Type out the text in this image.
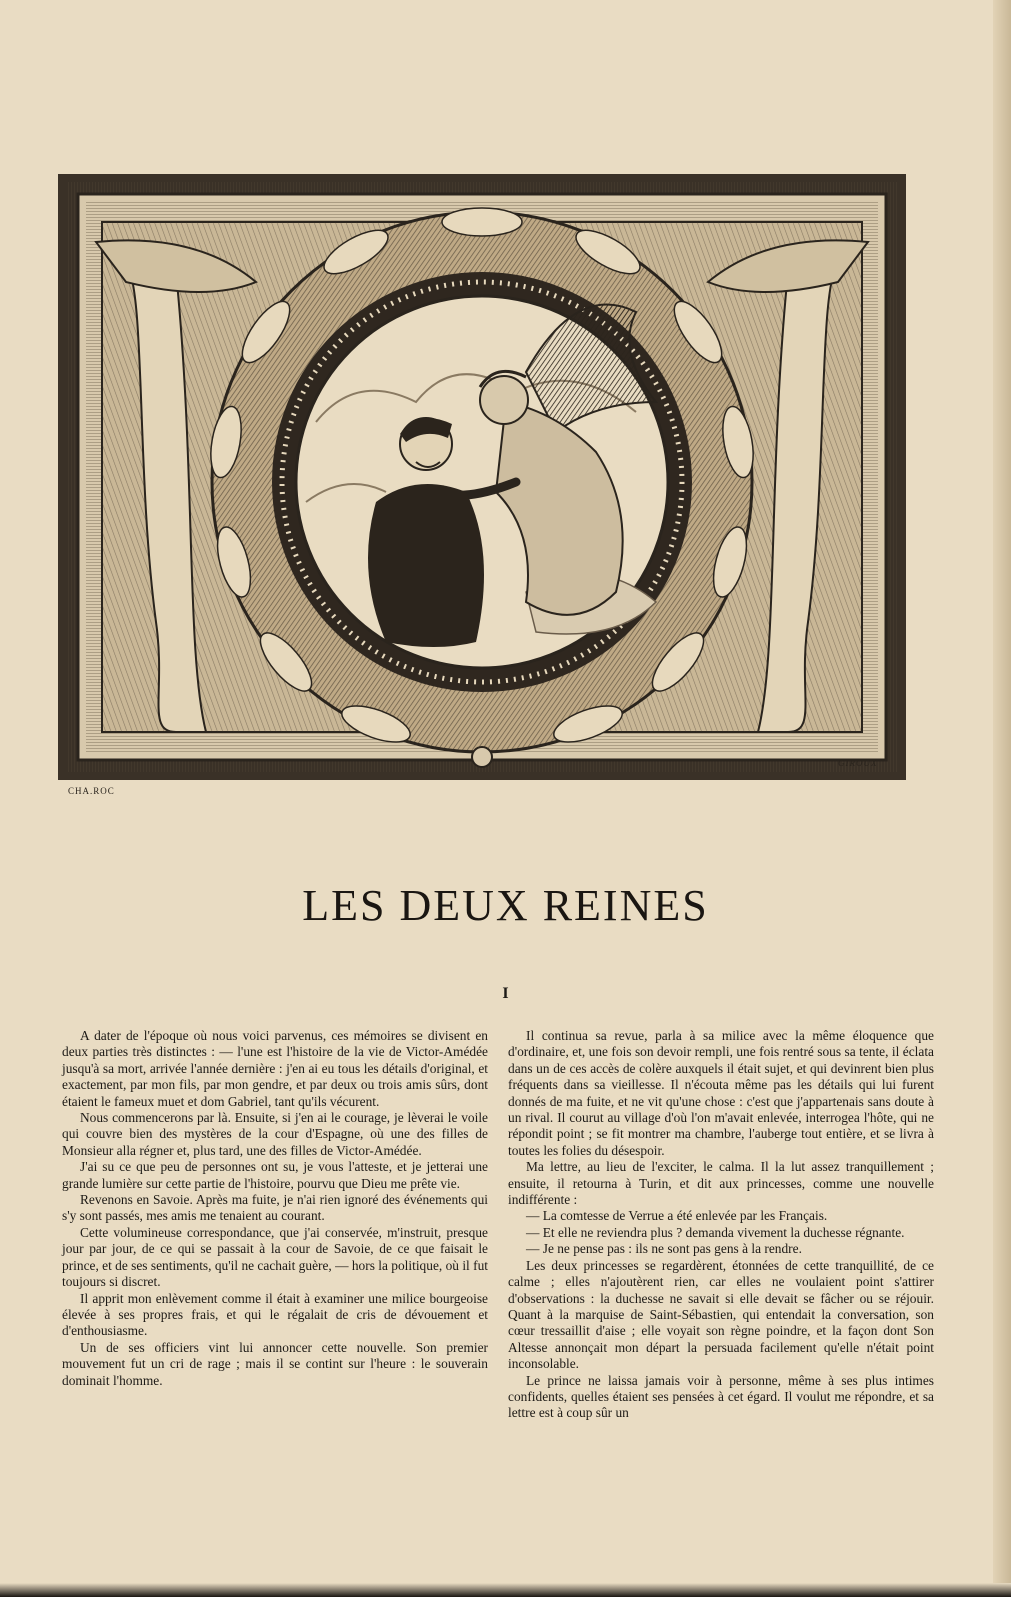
CHA.ROC
GIROUX
LES DEUX REINES
I

A dater de l'époque où nous voici parvenus, ces mémoires se divisent en deux parties très distinctes : — l'une est l'histoire de la vie de Victor-Amédée jusqu'à sa mort, arrivée l'année dernière : j'en ai eu tous les détails d'original, et exactement, par mon fils, par mon gendre, et par deux ou trois amis sûrs, dont étaient le fameux muet et dom Gabriel, tant qu'ils vécurent.

Nous commencerons par là. Ensuite, si j'en ai le courage, je lèverai le voile qui couvre bien des mystères de la cour d'Espagne, où une des filles de Monsieur alla régner et, plus tard, une des filles de Victor-Amédée.

J'ai su ce que peu de personnes ont su, je vous l'atteste, et je jetterai une grande lumière sur cette partie de l'histoire, pourvu que Dieu me prête vie.

Revenons en Savoie. Après ma fuite, je n'ai rien ignoré des événements qui s'y sont passés, mes amis me tenaient au courant.

Cette volumineuse correspondance, que j'ai conservée, m'instruit, presque jour par jour, de ce qui se passait à la cour de Savoie, de ce que faisait le prince, et de ses sentiments, qu'il ne cachait guère, — hors la politique, où il fut toujours si discret.

Il apprit mon enlèvement comme il était à examiner une milice bourgeoise élevée à ses propres frais, et qui le régalait de cris de dévouement et d'enthousiasme.

Un de ses officiers vint lui annoncer cette nouvelle. Son premier mouvement fut un cri de rage ; mais il se contint sur l'heure : le souverain dominait l'homme.

Il continua sa revue, parla à sa milice avec la même éloquence que d'ordinaire, et, une fois son devoir rempli, une fois rentré sous sa tente, il éclata dans un de ces accès de colère auxquels il était sujet, et qui devinrent bien plus fréquents dans sa vieillesse. Il n'écouta même pas les détails qui lui furent donnés de ma fuite, et ne vit qu'une chose : c'est que j'appartenais sans doute à un rival. Il courut au village d'où l'on m'avait enlevée, interrogea l'hôte, qui ne répondit point ; se fit montrer ma chambre, l'auberge tout entière, et se livra à toutes les folies du désespoir.

Ma lettre, au lieu de l'exciter, le calma. Il la lut assez tranquillement ; ensuite, il retourna à Turin, et dit aux princesses, comme une nouvelle indifférente :

— La comtesse de Verrue a été enlevée par les Français.

— Et elle ne reviendra plus ? demanda vivement la duchesse régnante.

— Je ne pense pas : ils ne sont pas gens à la rendre.

Les deux princesses se regardèrent, étonnées de cette tranquillité, de ce calme ; elles n'ajoutèrent rien, car elles ne voulaient point s'attirer d'observations : la duchesse ne savait si elle devait se fâcher ou se réjouir. Quant à la marquise de Saint-Sébastien, qui entendait la conversation, son cœur tressaillit d'aise ; elle voyait son règne poindre, et la façon dont Son Altesse annonçait mon départ la persuada facilement qu'elle n'était point inconsolable.

Le prince ne laissa jamais voir à personne, même à ses plus intimes confidents, quelles étaient ses pensées à cet égard. Il voulut me répondre, et sa lettre est à coup sûr un
